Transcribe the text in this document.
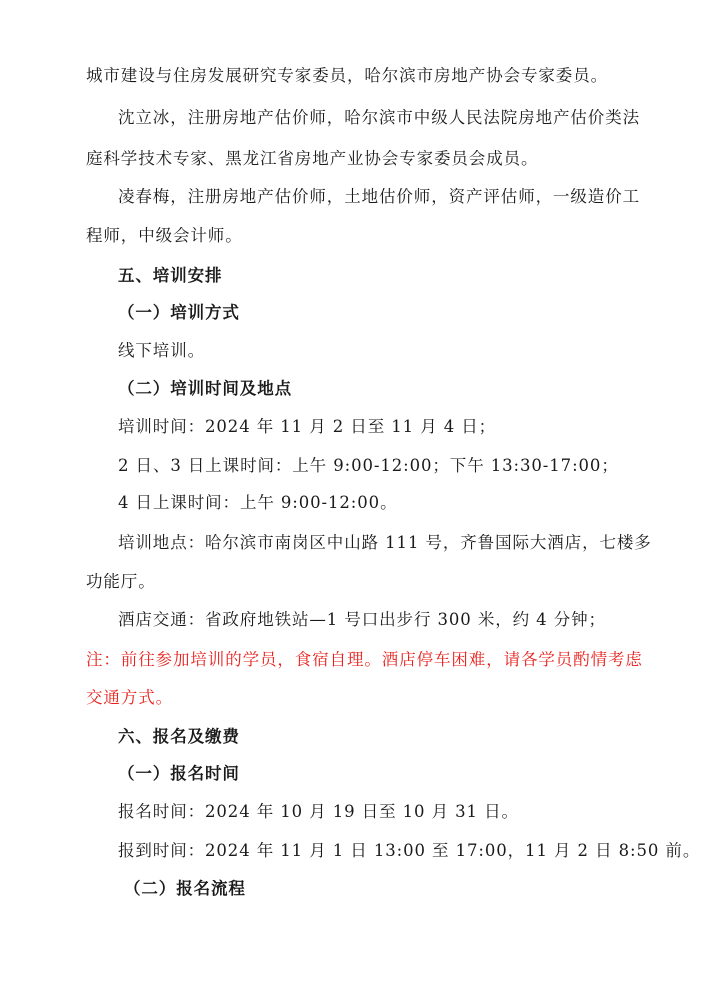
城市建设与住房发展研究专家委员，哈尔滨市房地产协会专家委员。
沈立冰，注册房地产估价师，哈尔滨市中级人民法院房地产估价类法
庭科学技术专家、黑龙江省房地产业协会专家委员会成员。
凌春梅，注册房地产估价师，土地估价师，资产评估师，一级造价工
程师，中级会计师。
五、培训安排
（一）培训方式
线下培训。
（二）培训时间及地点
培训时间：2024 年 11 月 2 日至 11 月 4 日；
2 日、3 日上课时间：上午 9:00-12:00；下午 13:30-17:00；
4 日上课时间：上午 9:00-12:00。
培训地点：哈尔滨市南岗区中山路 111 号，齐鲁国际大酒店，七楼多
功能厅。
酒店交通：省政府地铁站—1 号口出步行 300 米，约 4 分钟；
注：前往参加培训的学员，食宿自理。酒店停车困难，请各学员酌情考虑
交通方式。
六、报名及缴费
（一）报名时间
报名时间：2024 年 10 月 19 日至 10 月 31 日。
报到时间：2024 年 11 月 1 日 13:00 至 17:00，11 月 2 日 8:50 前。
（二）报名流程
